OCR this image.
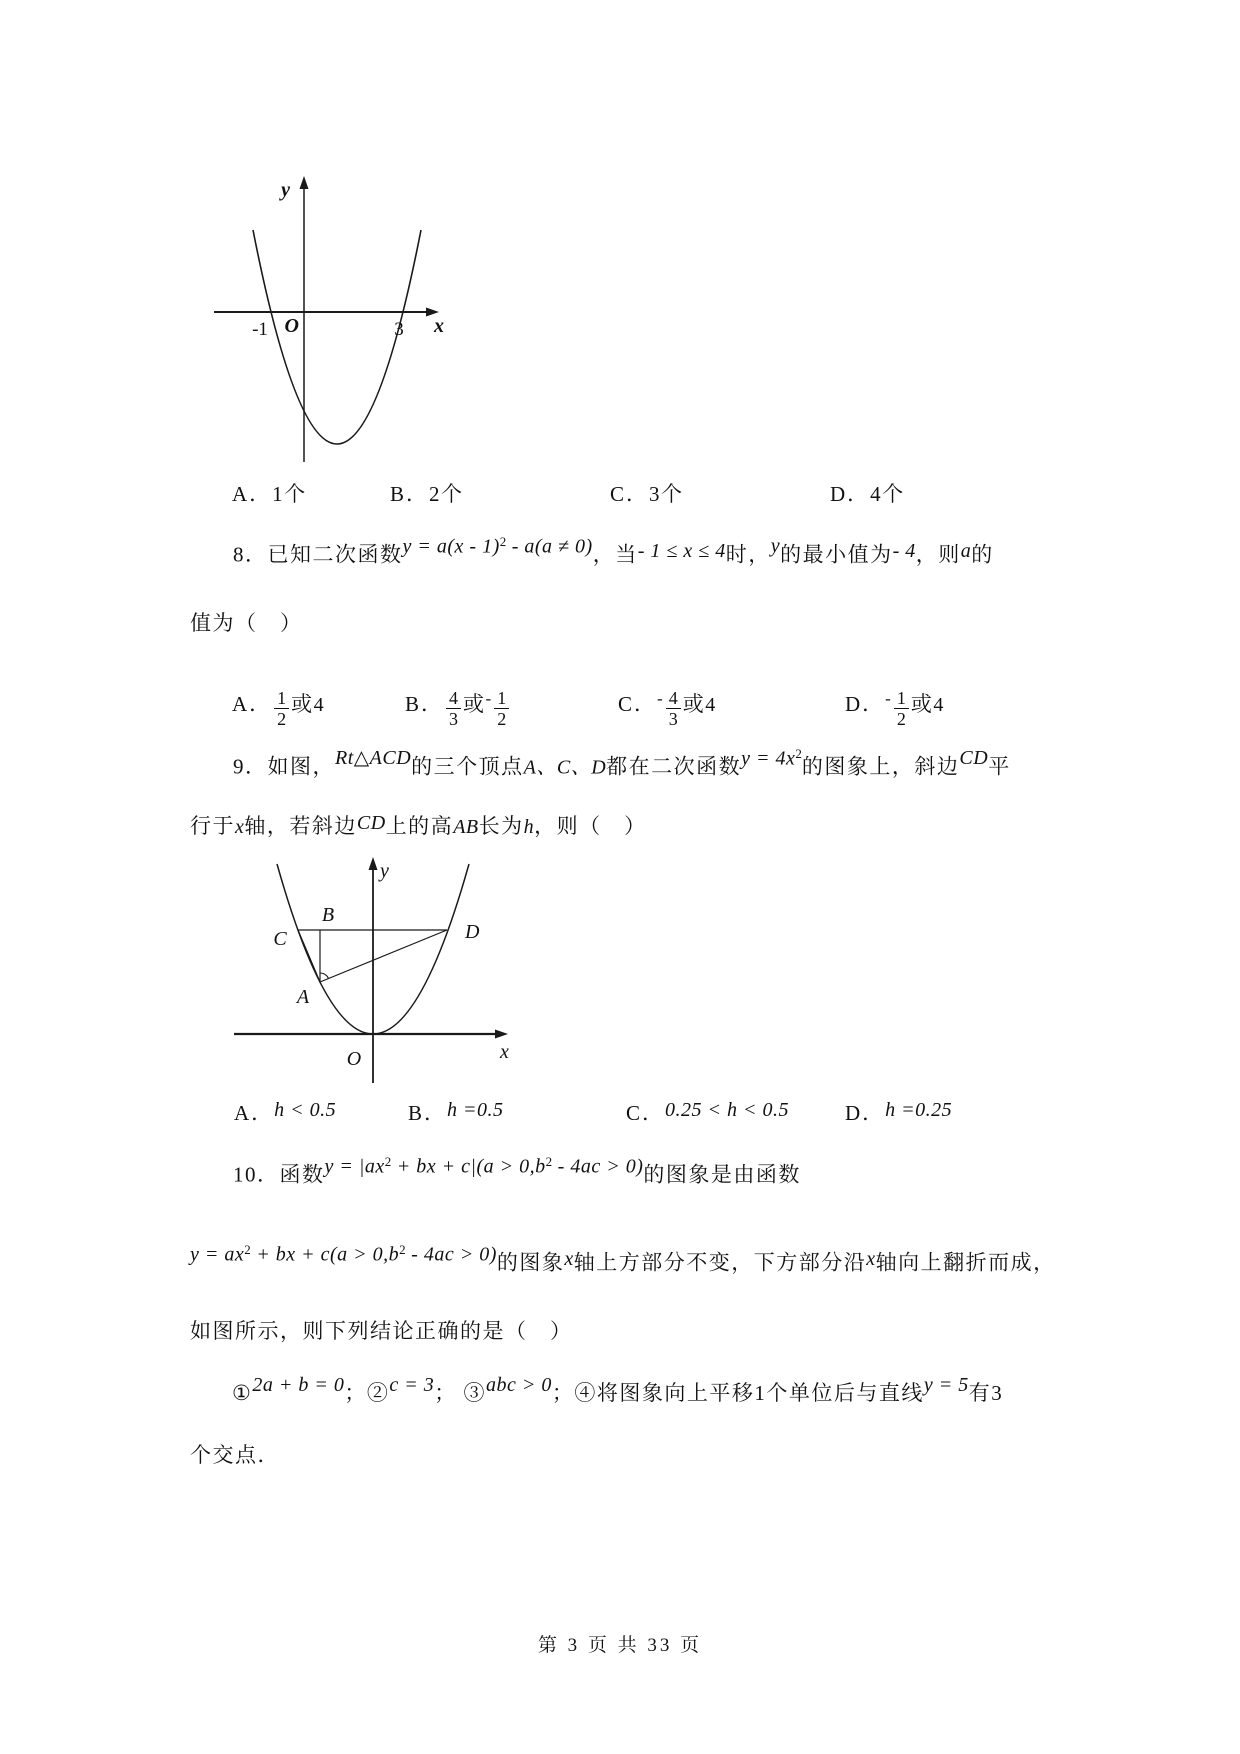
y
x
O
-1	3
A．1个	B．2个	C．3个	D．4个
8．已知二次函数y = a(x - 1)$^2$ - a(a ≠ 0)，当- 1 ≤ x ≤ 4时，y的最小值为- 4，则a的
值为（　）
A． $\frac{1}{2}$ 或4	B． $\frac{4}{3}$ 或- $\frac{1}{2}$	C．- $\frac{4}{3}$ 或4	D．- $\frac{1}{2}$ 或4
9．如图，Rt△ACD的三个顶点A、C、D都在二次函数$y = 4x^2$的图象上，斜边CD平
行于x轴，若斜边CD上的高AB长为h，则（　）
y
x
O
B
C	D
A
A．h < 0.5	B．h =0.5	C．0.25 < h < 0.5	D．h =0.25
10．函数$y = |ax^2$ + bx + $c|(a > 0,b^2 - 4ac > 0)$的图象是由函数
$y = ax^2$ + bx + $c(a > 0,b^2 - 4ac > 0)$的图象x轴上方部分不变，下方部分沿x轴向上翻折而成，
如图所示，则下列结论正确的是（　）
①2a + b = 0；②c = 3； ③abc > 0；④将图象向上平移1个单位后与直线y = 5有3
个交点．
第 3 页 共 33 页
